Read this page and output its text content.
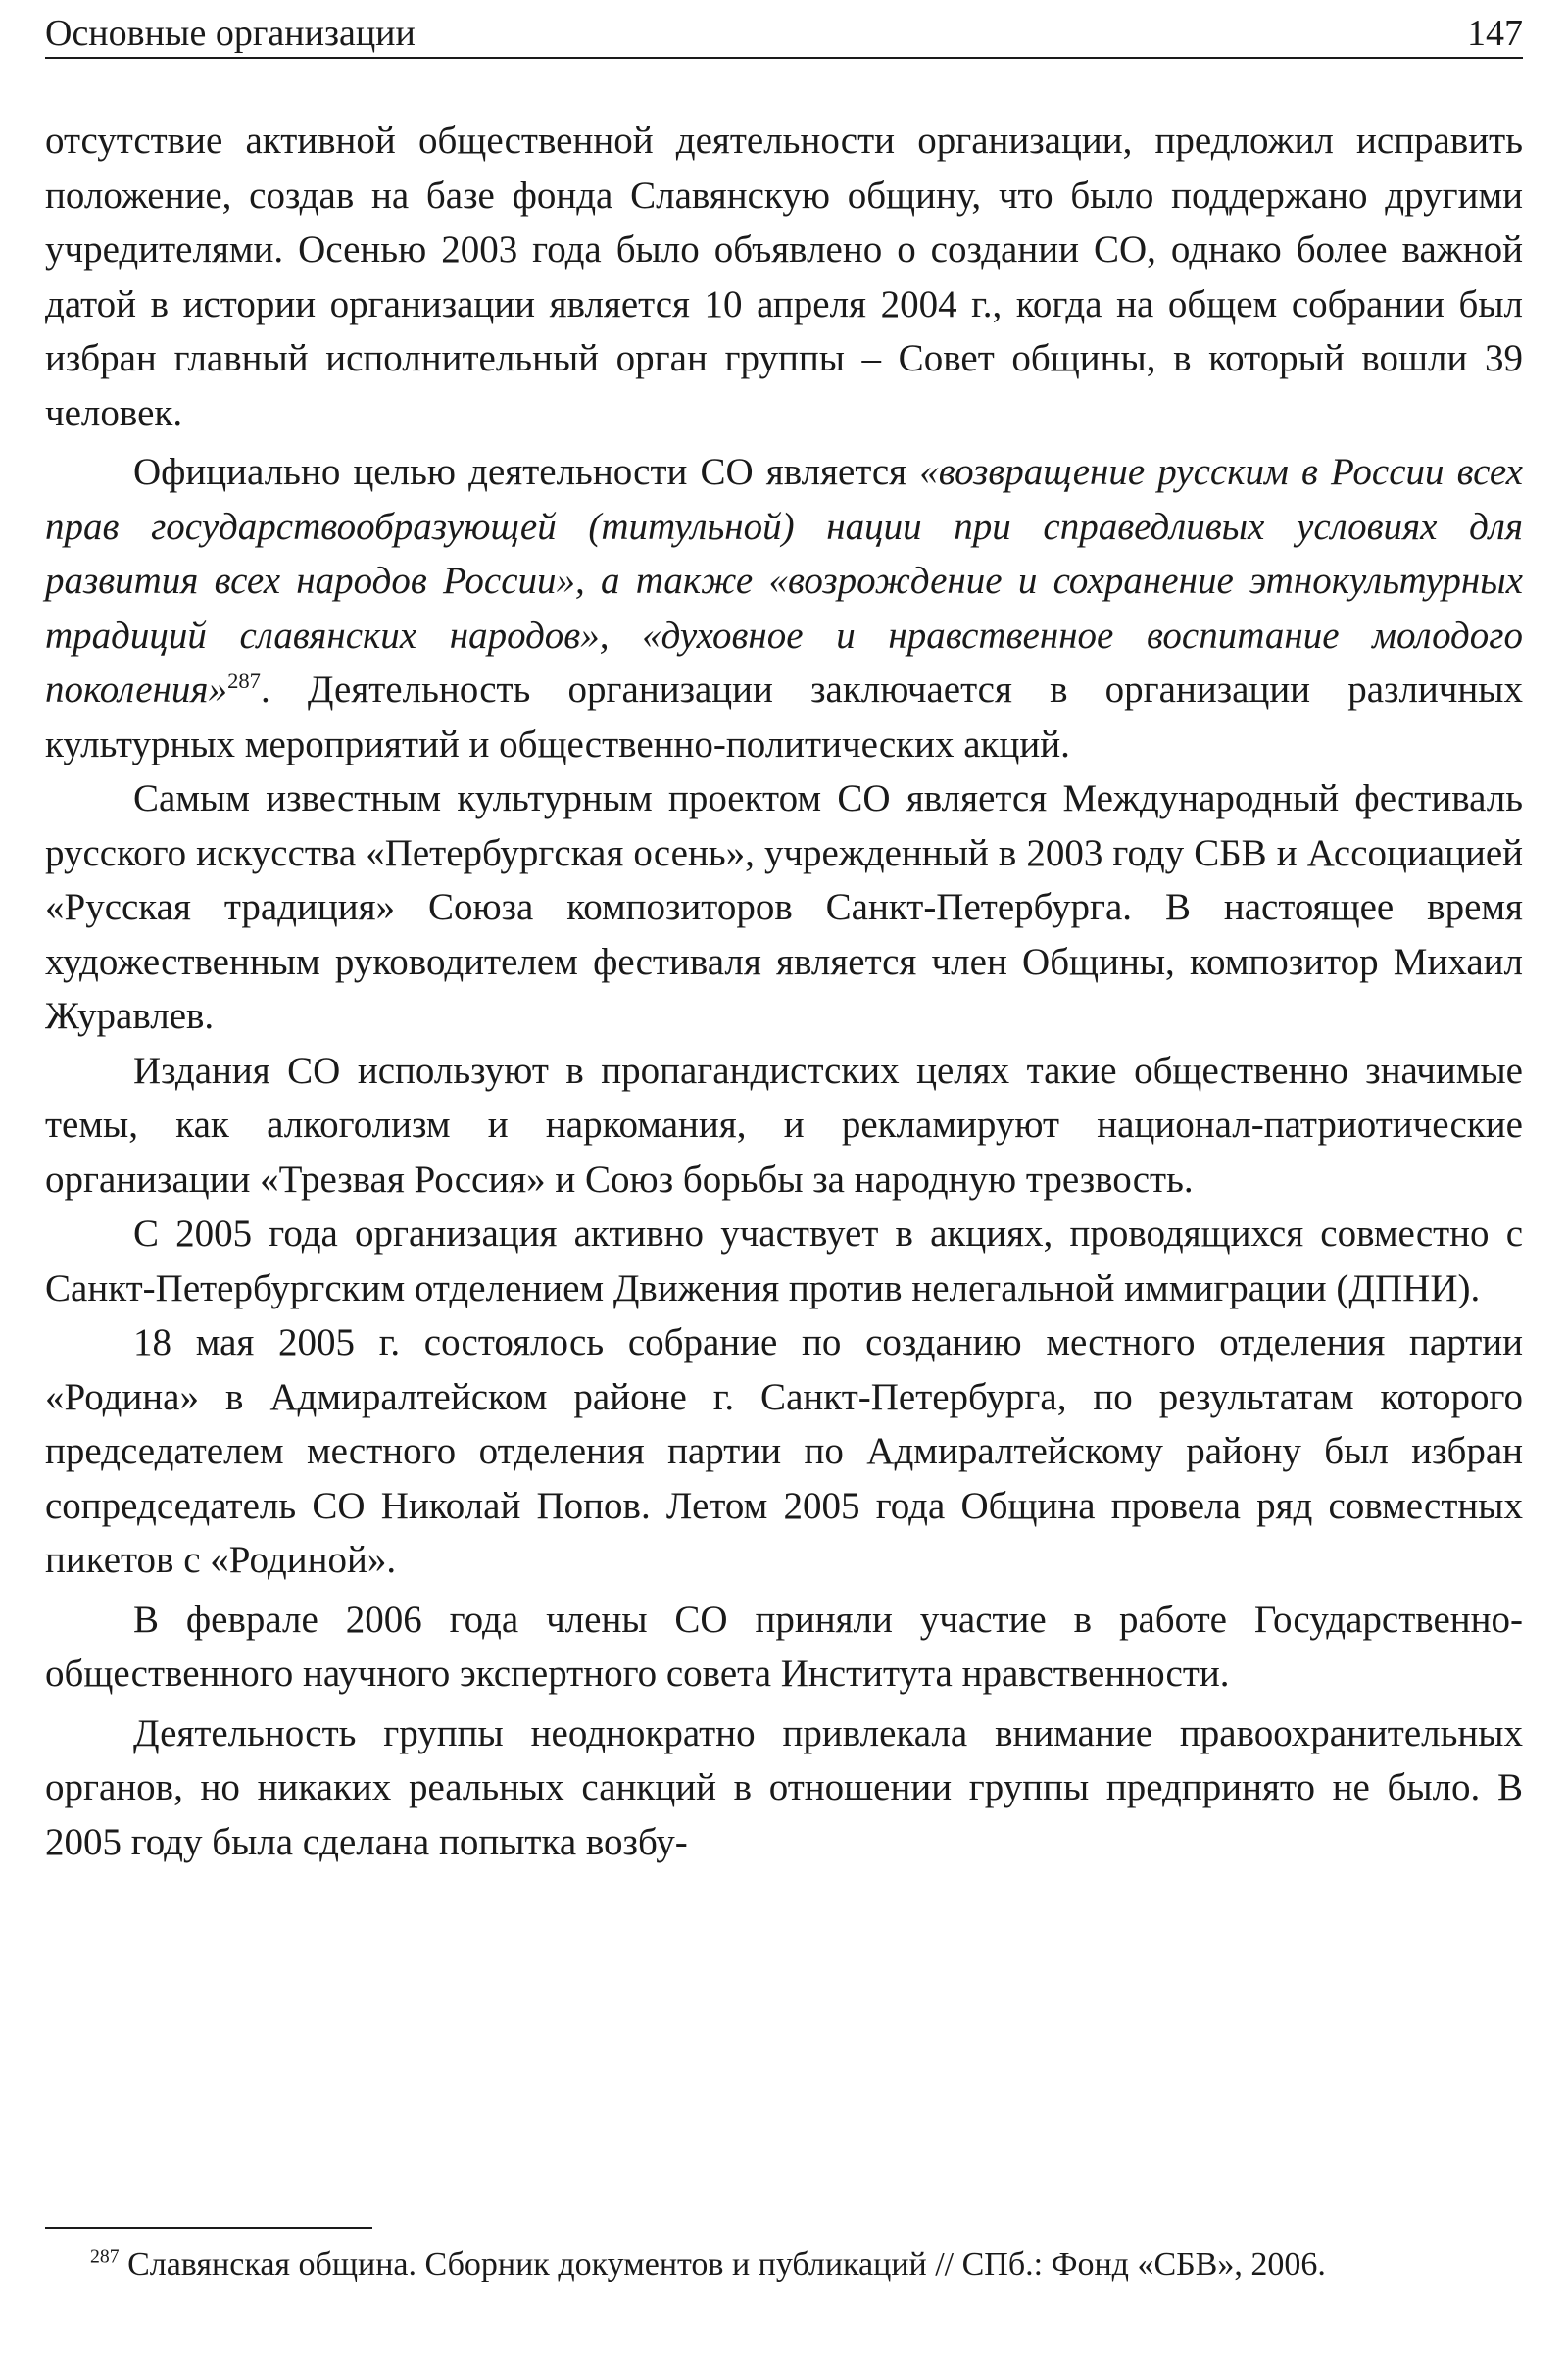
Основные организации	147

отсутствие активной общественной деятельности организации, предложил исправить положение, создав на базе фонда Славянскую общину, что было поддержано другими учредителями. Осенью 2003 года было объявлено о создании СО, однако более важной датой в истории организации является 10 апреля 2004 г., когда на общем собрании был избран главный исполнительный орган группы – Совет общины, в который вошли 39 человек.

Официально целью деятельности СО является «возвращение русским в России всех прав государствообразующей (титульной) нации при справедливых условиях для развития всех народов России», а также «возрождение и сохранение этнокультурных традиций славянских народов», «духовное и нравственное воспитание молодого поколения»$^{287}$. Деятельность организации заключается в организации различных культурных мероприятий и общественно-политических акций.

Самым известным культурным проектом СО является Международный фестиваль русского искусства «Петербургская осень», учрежденный в 2003 году СБВ и Ассоциацией «Русская традиция» Союза композиторов Санкт-Петербурга. В настоящее время художественным руководителем фестиваля является член Общины, композитор Михаил Журавлев.

Издания СО используют в пропагандистских целях такие общественно значимые темы, как алкоголизм и наркомания, и рекламируют национал-патриотические организации «Трезвая Россия» и Союз борьбы за народную трезвость.

С 2005 года организация активно участвует в акциях, проводящихся совместно с Санкт-Петербургским отделением Движения против нелегальной иммиграции (ДПНИ).

18 мая 2005 г. состоялось собрание по созданию местного отделения партии «Родина» в Адмиралтейском районе г. Санкт-Петербурга, по результатам которого председателем местного отделения партии по Адмиралтейскому району был избран сопредседатель СО Николай Попов. Летом 2005 года Община провела ряд совместных пикетов с «Родиной».

В феврале 2006 года члены СО приняли участие в работе Государственно-общественного научного экспертного совета Института нравственности.

Деятельность группы неоднократно привлекала внимание правоохранительных органов, но никаких реальных санкций в отношении группы предпринято не было. В 2005 году была сделана попытка возбу-

$^{287}$ Славянская община. Сборник документов и публикаций // СПб.: Фонд «СБВ», 2006.
